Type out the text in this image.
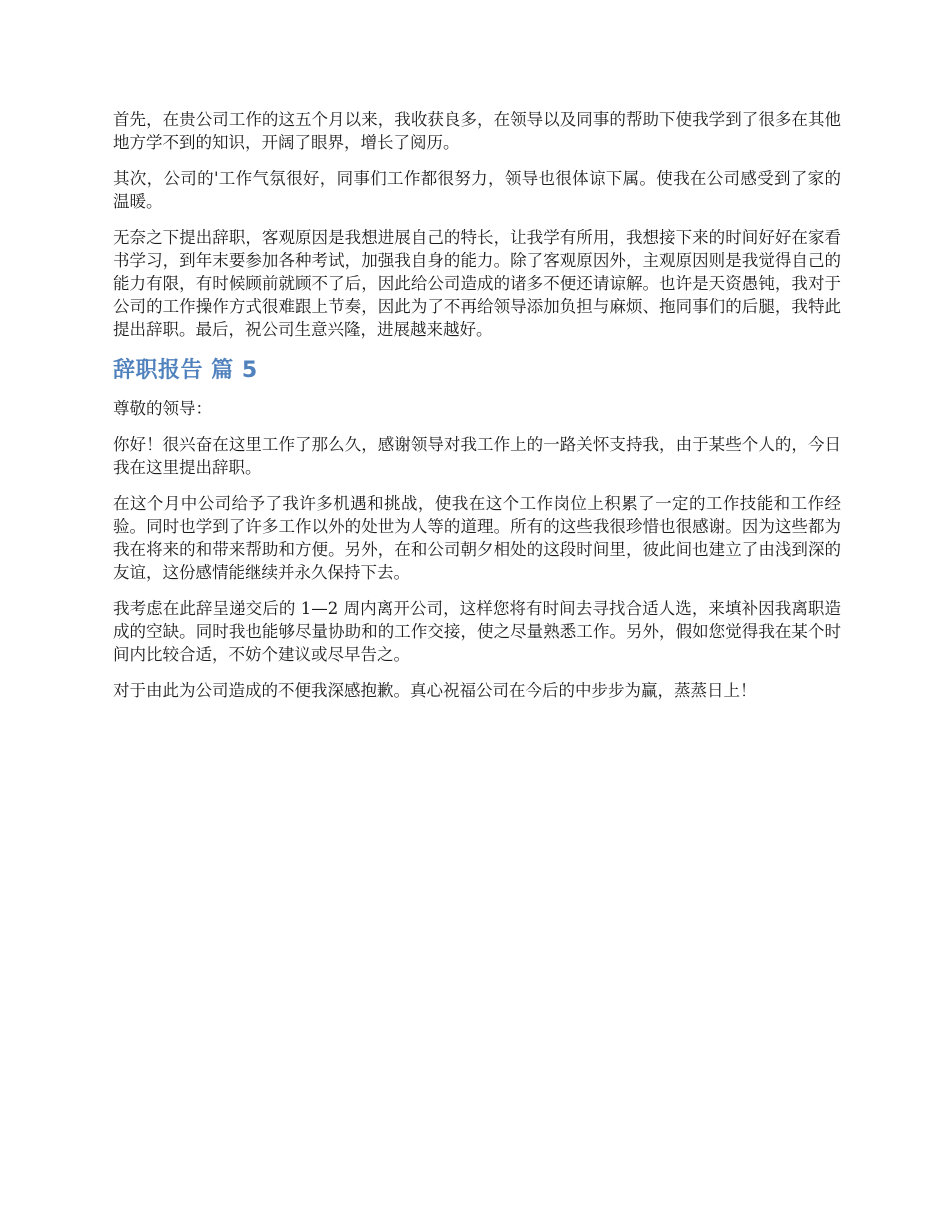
首先，在贵公司工作的这五个月以来，我收获良多，在领导以及同事的帮助下使我学到了很多在其他地方学不到的知识，开阔了眼界，增长了阅历。

其次，公司的'工作气氛很好，同事们工作都很努力，领导也很体谅下属。使我在公司感受到了家的温暖。

无奈之下提出辞职，客观原因是我想进展自己的特长，让我学有所用，我想接下来的时间好好在家看书学习，到年末要参加各种考试，加强我自身的能力。除了客观原因外，主观原因则是我觉得自己的能力有限，有时候顾前就顾不了后，因此给公司造成的诸多不便还请谅解。也许是天资愚钝，我对于公司的工作操作方式很难跟上节奏，因此为了不再给领导添加负担与麻烦、拖同事们的后腿，我特此提出辞职。最后，祝公司生意兴隆，进展越来越好。

辞职报告 篇 5

尊敬的领导：

你好！很兴奋在这里工作了那么久，感谢领导对我工作上的一路关怀支持我，由于某些个人的，今日我在这里提出辞职。

在这个月中公司给予了我许多机遇和挑战，使我在这个工作岗位上积累了一定的工作技能和工作经验。同时也学到了许多工作以外的处世为人等的道理。所有的这些我很珍惜也很感谢。因为这些都为我在将来的和带来帮助和方便。另外，在和公司朝夕相处的这段时间里，彼此间也建立了由浅到深的友谊，这份感情能继续并永久保持下去。

我考虑在此辞呈递交后的 1—2 周内离开公司，这样您将有时间去寻找合适人选，来填补因我离职造成的空缺。同时我也能够尽量协助和的工作交接，使之尽量熟悉工作。另外，假如您觉得我在某个时间内比较合适，不妨个建议或尽早告之。

对于由此为公司造成的不便我深感抱歉。真心祝福公司在今后的中步步为赢，蒸蒸日上！
